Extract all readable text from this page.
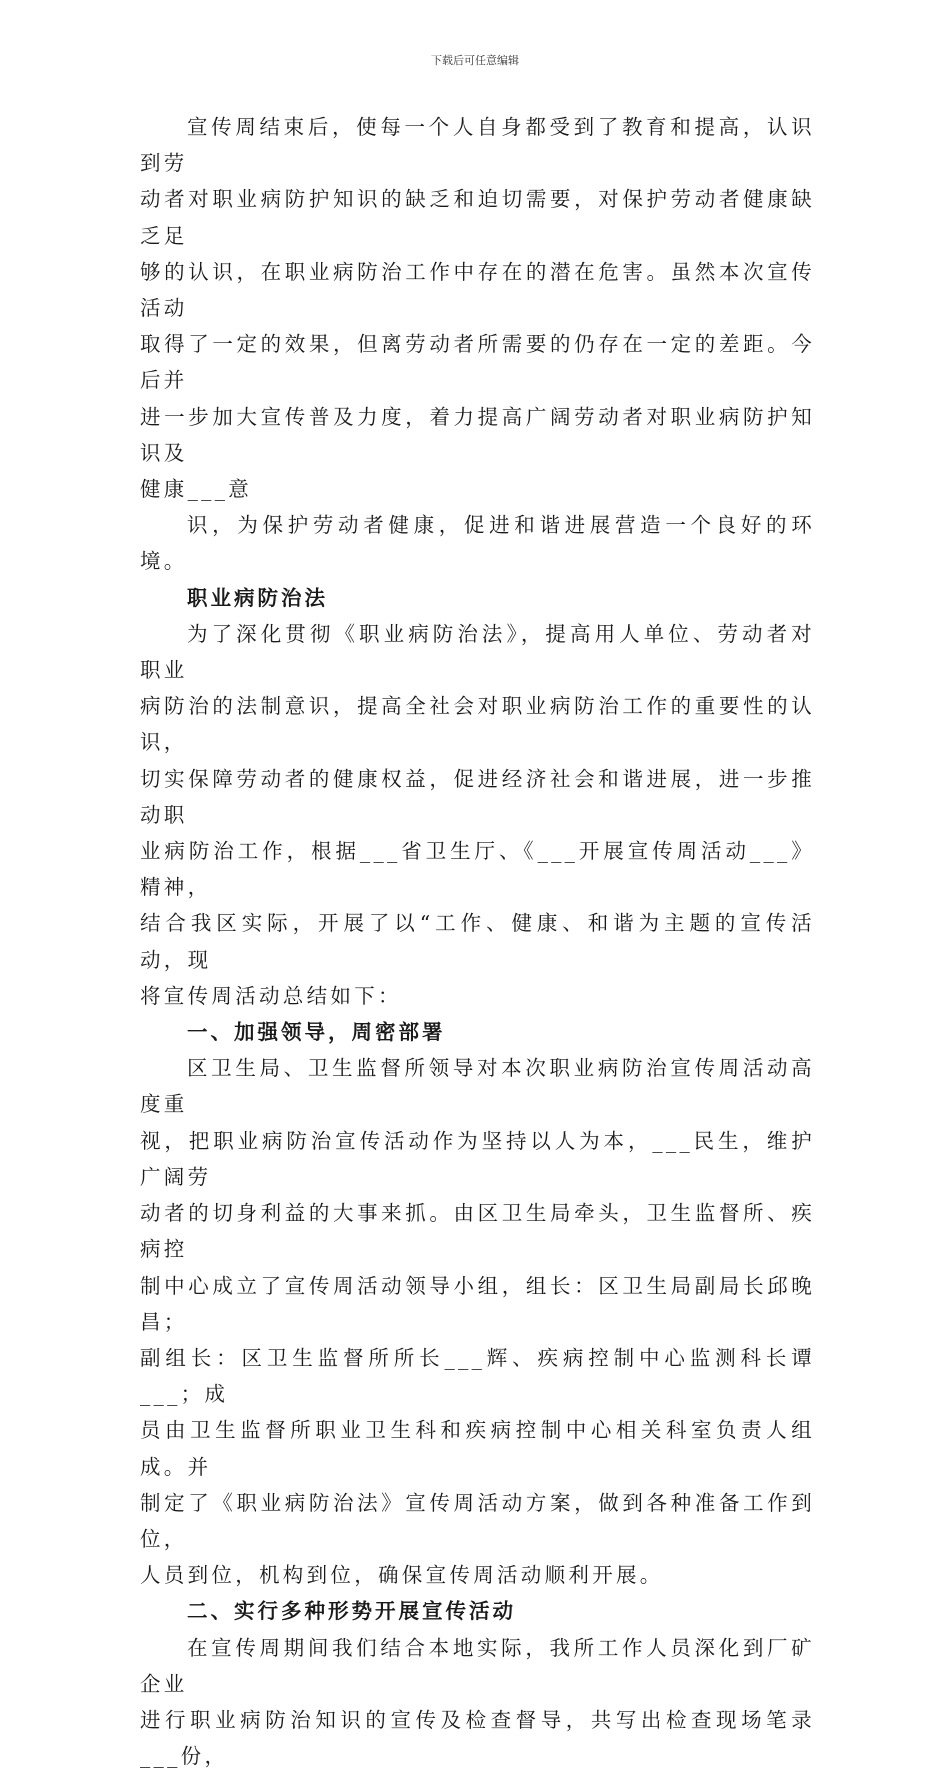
下载后可任意编辑

宣传周结束后，使每一个人自身都受到了教育和提高，认识到劳
动者对职业病防护知识的缺乏和迫切需要，对保护劳动者健康缺乏足
够的认识，在职业病防治工作中存在的潜在危害。虽然本次宣传活动
取得了一定的效果，但离劳动者所需要的仍存在一定的差距。今后并
进一步加大宣传普及力度，着力提高广阔劳动者对职业病防护知识及
健康___意

识，为保护劳动者健康，促进和谐进展营造一个良好的环境。

职业病防治法

为了深化贯彻《职业病防治法》，提高用人单位、劳动者对职业
病防治的法制意识，提高全社会对职业病防治工作的重要性的认识，
切实保障劳动者的健康权益，促进经济社会和谐进展，进一步推动职
业病防治工作，根据___省卫生厅、《___开展宣传周活动___》精神，
结合我区实际，开展了以“工作、健康、和谐为主题的宣传活动，现
将宣传周活动总结如下：

一、加强领导，周密部署

区卫生局、卫生监督所领导对本次职业病防治宣传周活动高度重
视，把职业病防治宣传活动作为坚持以人为本，___民生，维护广阔劳
动者的切身利益的大事来抓。由区卫生局牵头，卫生监督所、疾病控
制中心成立了宣传周活动领导小组，组长：区卫生局副局长邱晚昌；
副组长：区卫生监督所所长___辉、疾病控制中心监测科长谭___；成
员由卫生监督所职业卫生科和疾病控制中心相关科室负责人组成。并
制定了《职业病防治法》宣传周活动方案，做到各种准备工作到位，
人员到位，机构到位，确保宣传周活动顺利开展。

二、实行多种形势开展宣传活动

在宣传周期间我们结合本地实际，我所工作人员深化到厂矿企业
进行职业病防治知识的宣传及检查督导，共写出检查现场笔录___份，
